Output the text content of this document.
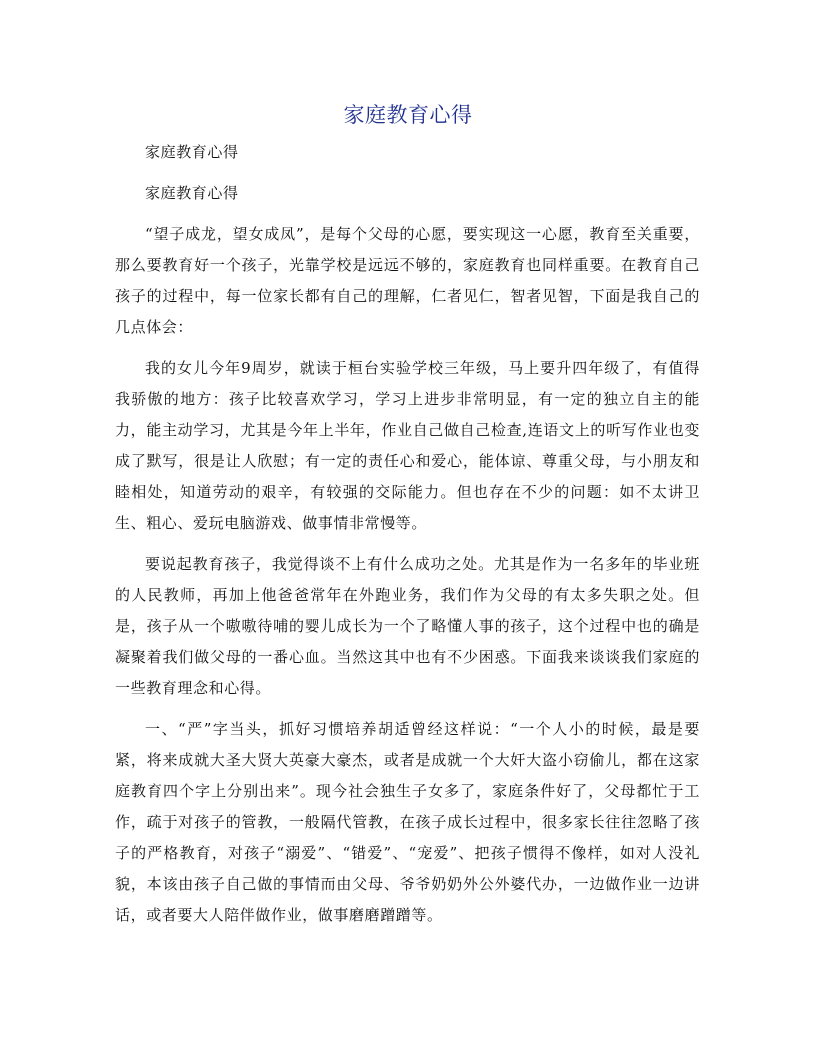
家庭教育心得

家庭教育心得

家庭教育心得

“望子成龙，望女成凤”，是每个父母的心愿，要实现这一心愿，教育至关重要，那么要教育好一个孩子，光靠学校是远远不够的，家庭教育也同样重要。在教育自己孩子的过程中，每一位家长都有自己的理解，仁者见仁，智者见智，下面是我自己的几点体会：

我的女儿今年9周岁，就读于桓台实验学校三年级，马上要升四年级了，有值得我骄傲的地方：孩子比较喜欢学习，学习上进步非常明显，有一定的独立自主的能力，能主动学习，尤其是今年上半年，作业自己做自己检查,连语文上的听写作业也变成了默写，很是让人欣慰；有一定的责任心和爱心，能体谅、尊重父母，与小朋友和睦相处，知道劳动的艰辛，有较强的交际能力。但也存在不少的问题：如不太讲卫生、粗心、爱玩电脑游戏、做事情非常慢等。

要说起教育孩子，我觉得谈不上有什么成功之处。尤其是作为一名多年的毕业班的人民教师，再加上他爸爸常年在外跑业务，我们作为父母的有太多失职之处。但是，孩子从一个嗷嗷待哺的婴儿成长为一个了略懂人事的孩子，这个过程中也的确是凝聚着我们做父母的一番心血。当然这其中也有不少困惑。下面我来谈谈我们家庭的一些教育理念和心得。

一、“严”字当头，抓好习惯培养胡适曾经这样说：“一个人小的时候，最是要紧，将来成就大圣大贤大英豪大豪杰，或者是成就一个大奸大盗小窃偷儿，都在这家庭教育四个字上分别出来”。现今社会独生子女多了，家庭条件好了，父母都忙于工作，疏于对孩子的管教，一般隔代管教，在孩子成长过程中，很多家长往往忽略了孩子的严格教育，对孩子“溺爱”、“错爱”、“宠爱”、把孩子惯得不像样，如对人没礼貌，本该由孩子自己做的事情而由父母、爷爷奶奶外公外婆代办，一边做作业一边讲话，或者要大人陪伴做作业，做事磨磨蹭蹭等。
